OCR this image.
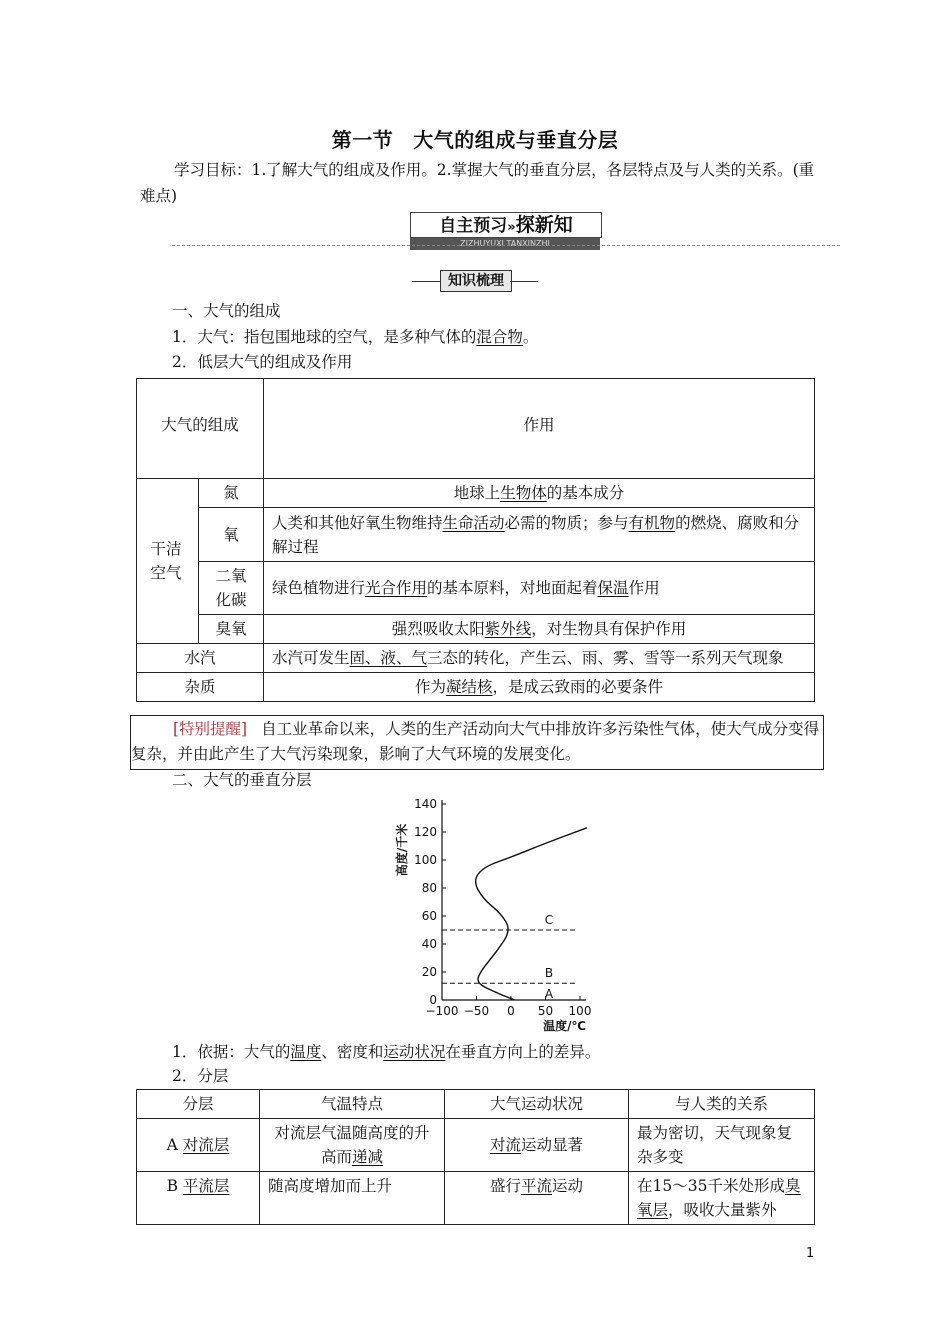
第一节 大气的组成与垂直分层
学习目标：1.了解大气的组成及作用。2.掌握大气的垂直分层，各层特点及与人类的关系。(重难点)
自主预习»探新知
ZIZHUYUXI TANXINZHI
知识梳理
一、大气的组成
1．大气：指包围地球的空气，是多种气体的混合物。
2．低层大气的组成及作用
大气的组成		作用
干洁空气	氮	地球上生物体的基本成分
	氧	人类和其他好氧生物维持生命活动必需的物质；参与有机物的燃烧、腐败和分解过程
	二氧化碳	绿色植物进行光合作用的基本原料，对地面起着保温作用
	臭氧	强烈吸收太阳紫外线，对生物具有保护作用
水汽		水汽可发生固、液、气三态的转化，产生云、雨、雾、雪等一系列天气现象
杂质		作为凝结核，是成云致雨的必要条件
[特别提醒] 自工业革命以来，人类的生产活动向大气中排放许多污染性气体，使大气成分变得复杂，并由此产生了大气污染现象，影响了大气环境的发展变化。
二、大气的垂直分层
0
20
40
60
80
100
120
140
−100 −50 0 50 100
温度/℃
高度/千米
A
B
C
1．依据：大气的温度、密度和运动状况在垂直方向上的差异。
2．分层
分层	气温特点	大气运动状况	与人类的关系
A 对流层	对流层气温随高度的升高而递减	对流运动显著	最为密切，天气现象复杂多变
B 平流层	随高度增加而上升	盛行平流运动	在15～35千米处形成臭氧层，吸收大量紫外
1
